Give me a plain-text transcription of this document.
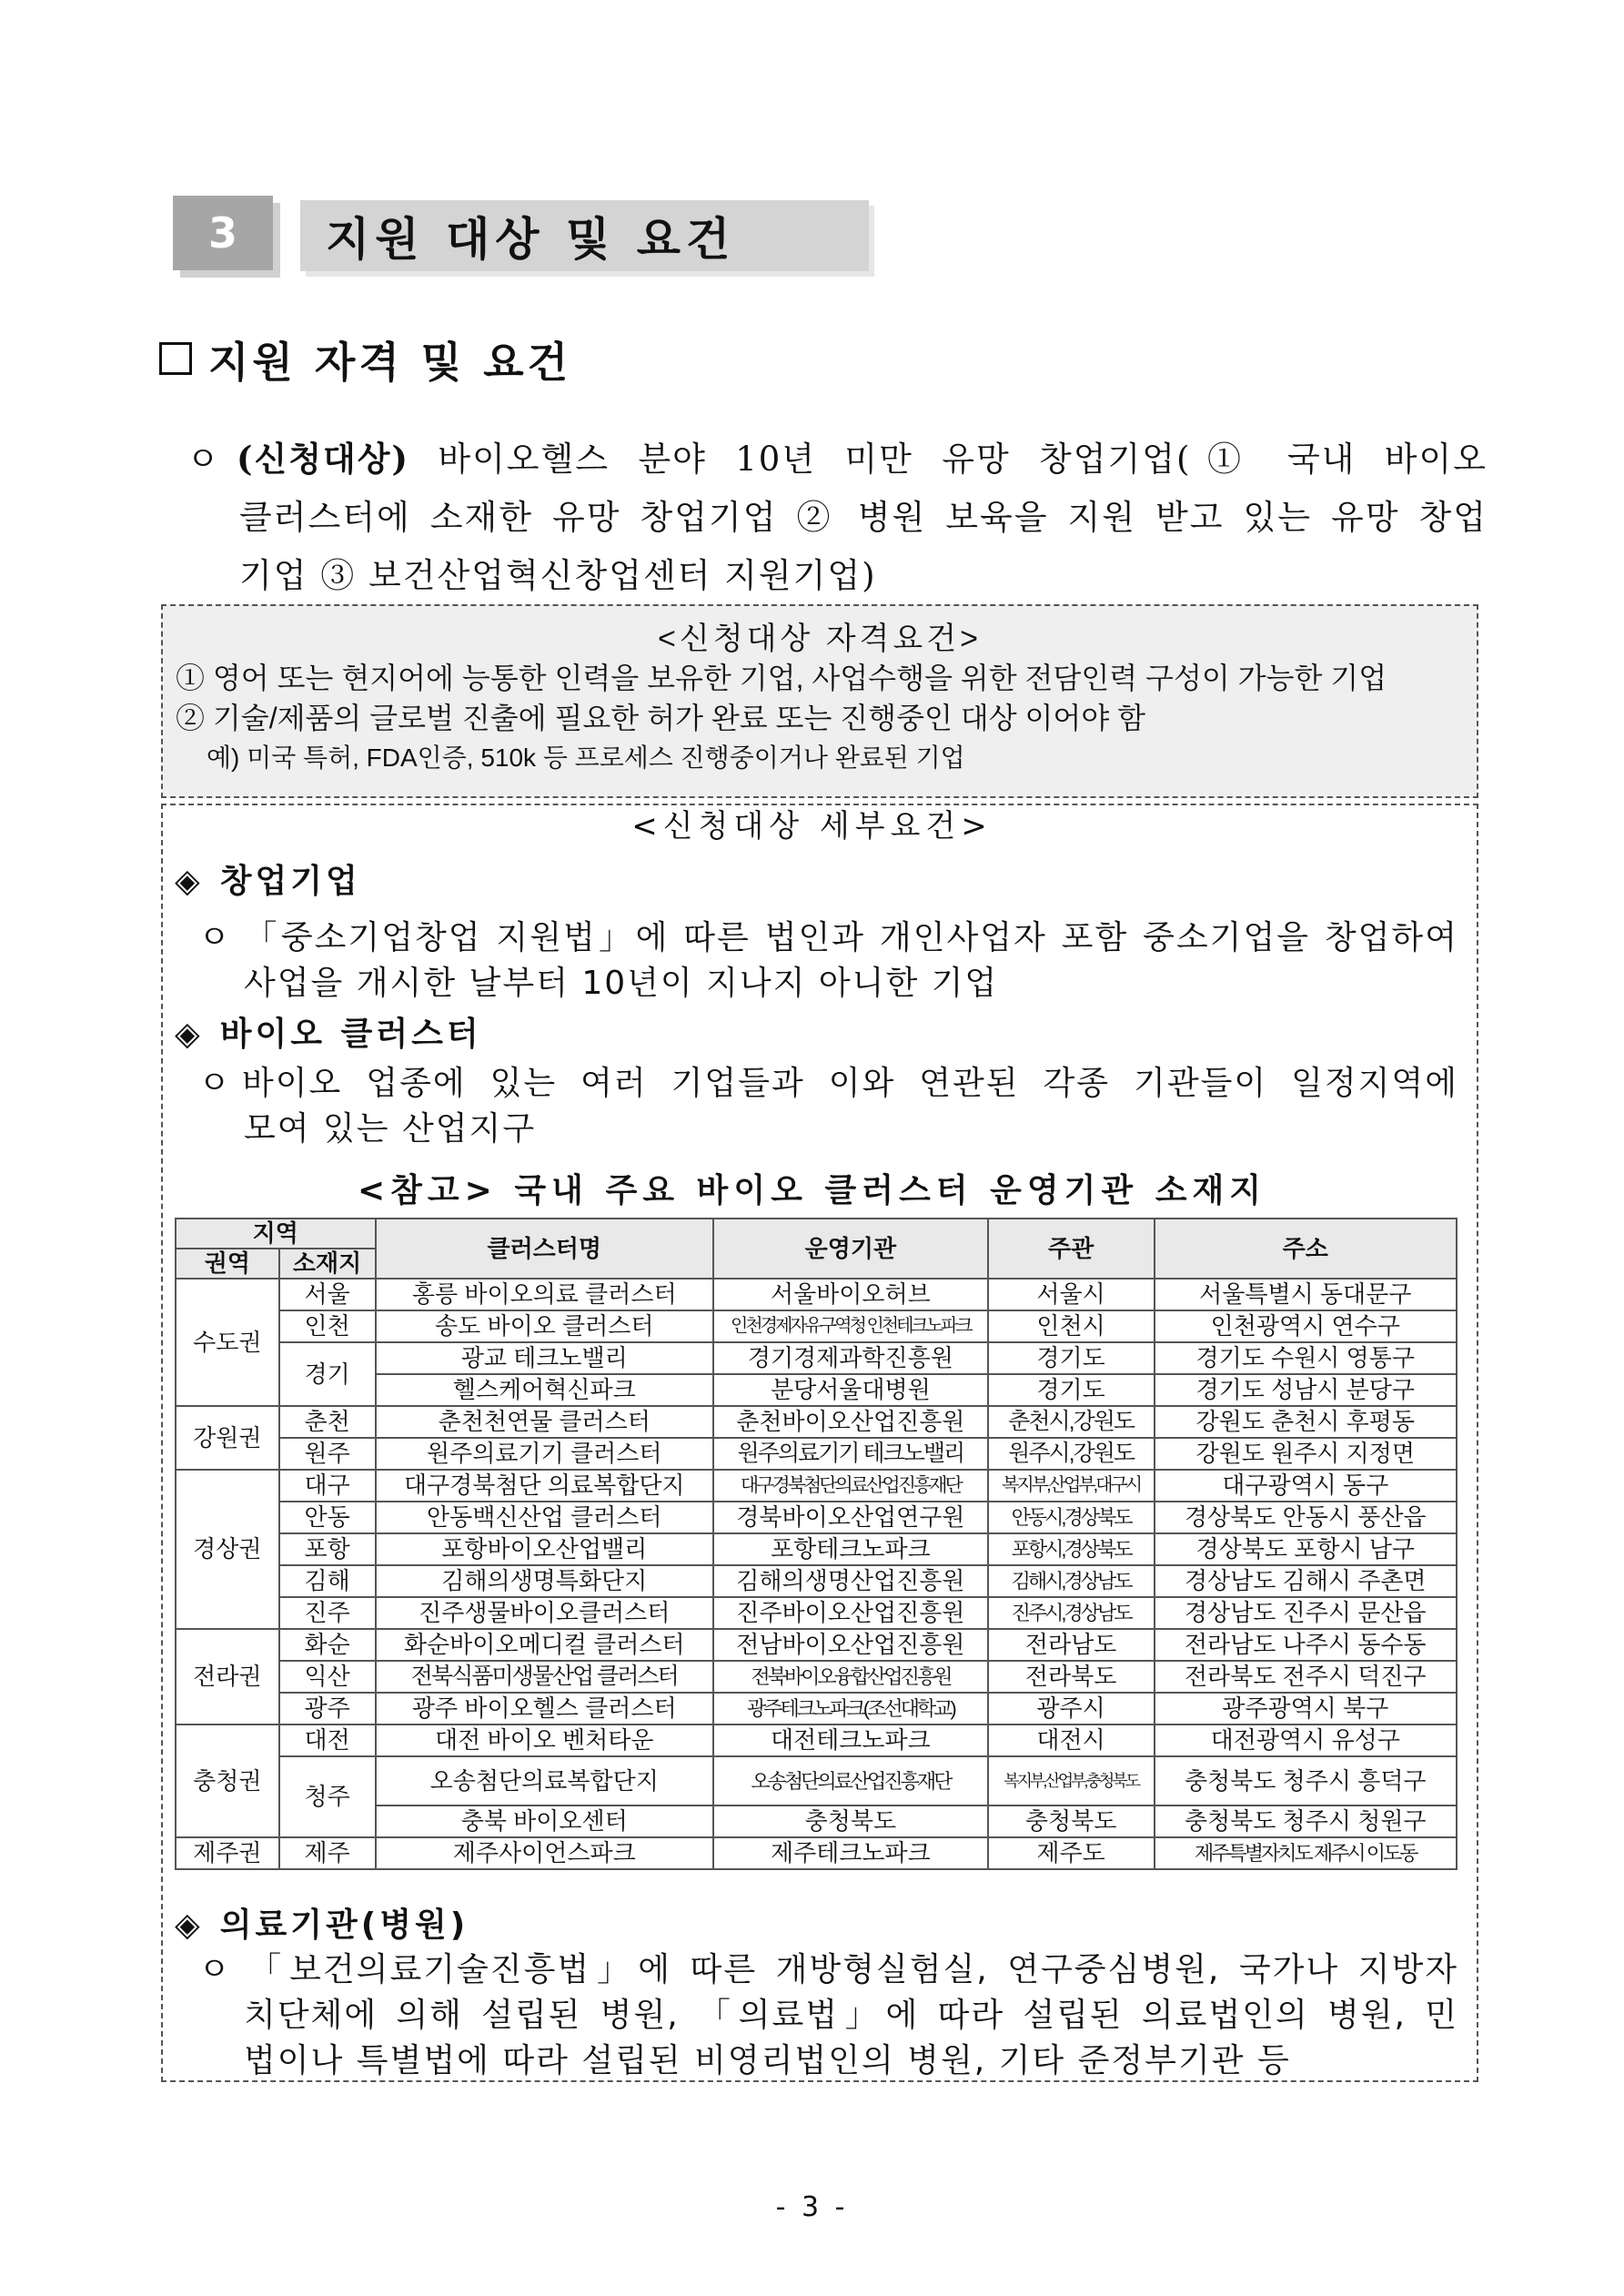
3	지원 대상 및 요건
지원 자격 및 요건
ㅇ (신청대상) 바이오헬스 분야 10년 미만 유망 창업기업(① 국내 바이오
클러스터에 소재한 유망 창업기업 ② 병원 보육을 지원 받고 있는 유망 창업
기업 ③ 보건산업혁신창업센터 지원기업)
<신청대상 자격요건>
① 영어 또는 현지어에 능통한 인력을 보유한 기업, 사업수행을 위한 전담인력 구성이 가능한 기업
② 기술/제품의 글로벌 진출에 필요한 허가 완료 또는 진행중인 대상 이어야 함
예) 미국 특허, FDA인증, 510k 등 프로세스 진행중이거나 완료된 기업
<신청대상 세부요건>
◈ 창업기업
ㅇ 「중소기업창업 지원법」에 따른 법인과 개인사업자 포함 중소기업을 창업하여
사업을 개시한 날부터 10년이 지나지 아니한 기업
◈ 바이오 클러스터
ㅇ 바이오 업종에 있는 여러 기업들과 이와 연관된 각종 기관들이 일정지역에
모여 있는 산업지구
<참고> 국내 주요 바이오 클러스터 운영기관 소재지
지역		클러스터명	운영기관	주관	주소
권역	소재지				
수도권	서울	홍릉 바이오의료 클러스터	서울바이오허브	서울시	서울특별시 동대문구
	인천	송도 바이오 클러스터	인천경제자유구역청 인천테크노파크	인천시	인천광역시 연수구
	경기	광교 테크노밸리	경기경제과학진흥원	경기도	경기도 수원시 영통구
		헬스케어혁신파크	분당서울대병원	경기도	경기도 성남시 분당구
강원권	춘천	춘천천연물 클러스터	춘천바이오산업진흥원	춘천시,강원도	강원도 춘천시 후평동
	원주	원주의료기기 클러스터	원주의료기기 테크노밸리	원주시,강원도	강원도 원주시 지정면
경상권	대구	대구경북첨단 의료복합단지	대구경북첨단의료산업진흥재단	복지부,산업부,대구시	대구광역시 동구
	안동	안동백신산업 클러스터	경북바이오산업연구원	안동시,경상북도	경상북도 안동시 풍산읍
	포항	포항바이오산업밸리	포항테크노파크	포항시,경상북도	경상북도 포항시 남구
	김해	김해의생명특화단지	김해의생명산업진흥원	김해시,경상남도	경상남도 김해시 주촌면
	진주	진주생물바이오클러스터	진주바이오산업진흥원	진주시,경상남도	경상남도 진주시 문산읍
전라권	화순	화순바이오메디컬 클러스터	전남바이오산업진흥원	전라남도	전라남도 나주시 동수동
	익산	전북식품미생물산업 클러스터	전북바이오융합산업진흥원	전라북도	전라북도 전주시 덕진구
	광주	광주 바이오헬스 클러스터	광주테크노파크(조선대학교)	광주시	광주광역시 북구
충청권	대전	대전 바이오 벤처타운	대전테크노파크	대전시	대전광역시 유성구
	청주	오송첨단의료복합단지	오송첨단의료산업진흥재단	복지부,산업부,충청북도	충청북도 청주시 흥덕구
		충북 바이오센터	충청북도	충청북도	충청북도 청주시 청원구
제주권	제주	제주사이언스파크	제주테크노파크	제주도	제주특별자치도 제주시 이도동
◈ 의료기관(병원)
ㅇ 「보건의료기술진흥법」에 따른 개방형실험실, 연구중심병원, 국가나 지방자
치단체에 의해 설립된 병원, 「의료법」에 따라 설립된 의료법인의 병원, 민
법이나 특별법에 따라 설립된 비영리법인의 병원, 기타 준정부기관 등
- 3 -
